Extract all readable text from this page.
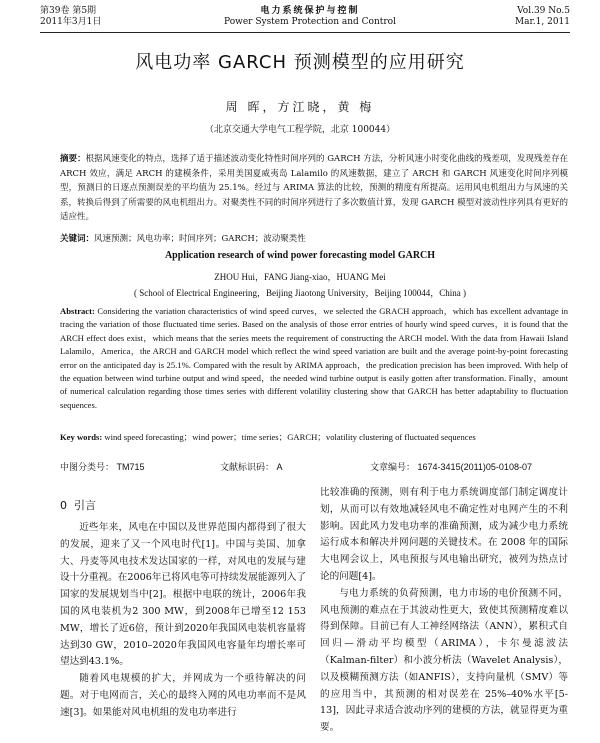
第39卷 第5期
2011年3月1日
电力系统保护与控制
Power System Protection and Control
Vol.39 No.5
Mar.1, 2011
风电功率 GARCH 预测模型的应用研究
周 晖，方江晓，黄 梅
（北京交通大学电气工程学院，北京 100044）
摘要：根据风速变化的特点，选择了适于描述波动变化特性时间序列的 GARCH 方法，分析风速小时变化曲线的残差项，发现残差存在 ARCH 效应，满足 ARCH 的建模条件，采用美国夏威夷岛 Lalamilo 的风速数据，建立了 ARCH 和 GARCH 风速变化时间序列模型，预测日的日逐点预测误差的平均值为 25.1%。经过与 ARIMA 算法的比较，预测的精度有所提高。运用风电机组出力与风速的关系，转换后得到了所需要的风电机组出力。对聚类性不同的时间序列进行了多次数值计算，发现 GARCH 模型对波动性序列具有更好的适应性。
关键词：风速预测；风电功率；时间序列；GARCH；波动聚类性
Application research of wind power forecasting model GARCH
ZHOU Hui，FANG Jiang-xiao，HUANG Mei
( School of Electrical Engineering，Beijing Jiaotong University，Beijing 100044，China )
Abstract: Considering the variation characteristics of wind speed curves，we selected the GRACH approach，which has excellent advantage in tracing the variation of those fluctuated time series. Based on the analysis of those error entries of hourly wind speed curves，it is found that the ARCH effect does exist，which means that the series meets the requirement of constructing the ARCH model. With the data from Hawaii Island Lalamilo，America，the ARCH and GARCH model which reflect the wind speed variation are built and the average point-by-point forecasting error on the anticipated day is 25.1%. Compared with the result by ARIMA approach，the predication precision has been improved. With help of the equation between wind turbine output and wind speed，the needed wind turbine output is easily gotten after transformation. Finally，amount of numerical calculation regarding those times series with different volatility clustering show that GARCH has better adaptability to fluctuation sequences.
Key words: wind speed forecasting；wind power；time series；GARCH；volatility clustering of fluctuated sequences
中图分类号： TM715	文献标识码： A	文章编号： 1674-3415(2011)05-0108-07
0 引言

近些年来，风电在中国以及世界范围内都得到了很大的发展，迎来了又一个风电时代[1]。中国与美国、加拿大、丹麦等风电技术发达国家的一样，对风电的发展与建设十分重视。在2006年已将风电等可持续发展能源列入了国家的发展规划当中[2]。根据中电联的统计，2006年我国的风电装机为2 300 MW，到2008年已增至12 153 MW，增长了近6倍，预计到2020年我国风电装机容量将达到30 GW，2010–2020年我国风电容量年均增长率可望达到43.1%。

随着风电规模的扩大，并网成为一个亟待解决的问题。对于电网而言，关心的最终入网的风电功率而不是风速[3]。如果能对风电机组的发电功率进行

比较准确的预测，则有利于电力系统调度部门制定调度计划，从而可以有效地减轻风电不确定性对电网产生的不利影响。因此风力发电功率的准确预测，成为减少电力系统运行成本和解决并网问题的关键技术。在 2008 年的国际大电网会议上，风电预报与风电输出研究，被列为热点讨论的问题[4]。

与电力系统的负荷预测，电力市场的电价预测不同，风电预测的难点在于其波动性更大，致使其预测精度难以得到保障。目前已有人工神经网络法（ANN），累积式自回归—滑动平均模型（ARIMA），卡尔曼滤波法（Kalman-filter）和小波分析法（Wavelet Analysis），以及模糊预测方法（如ANFIS），支持向量机（SMV）等的应用当中，其预测的相对误差在 25%–40%水平[5-13]，因此寻求适合波动序列的建模的方法，就显得更为重要。
